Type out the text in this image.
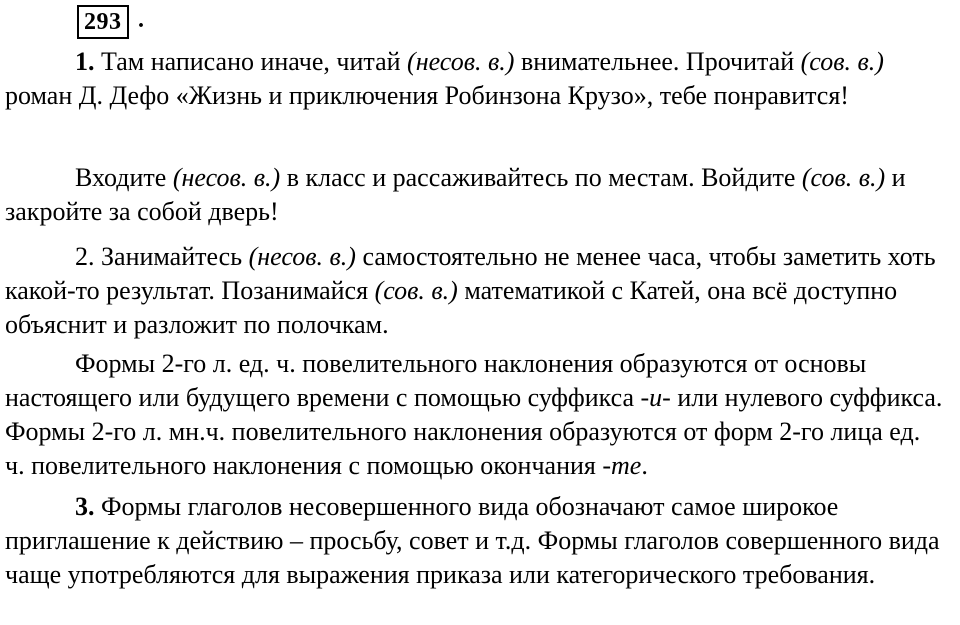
293 .

1. Там написано иначе, читай (несов. в.) внимательнее. Прочитай (сов. в.) роман Д. Дефо «Жизнь и приключения Робинзона Крузо», тебе понравится!

Входите (несов. в.) в класс и рассаживайтесь по местам. Войдите (сов. в.) и закройте за собой дверь!

2. Занимайтесь (несов. в.) самостоятельно не менее часа, чтобы заметить хоть какой-то результат. Позанимайся (сов. в.) математикой с Катей, она всё доступно объяснит и разложит по полочкам.

Формы 2-го л. ед. ч. повелительного наклонения образуются от основы настоящего или будущего времени с помощью суффикса -и- или нулевого суффикса. Формы 2-го л. мн.ч. повелительного наклонения образуются от форм 2-го лица ед. ч. повелительного наклонения с помощью окончания -те.

3. Формы глаголов несовершенного вида обозначают самое широкое приглашение к действию – просьбу, совет и т.д. Формы глаголов совершенного вида чаще употребляются для выражения приказа или категорического требования.
